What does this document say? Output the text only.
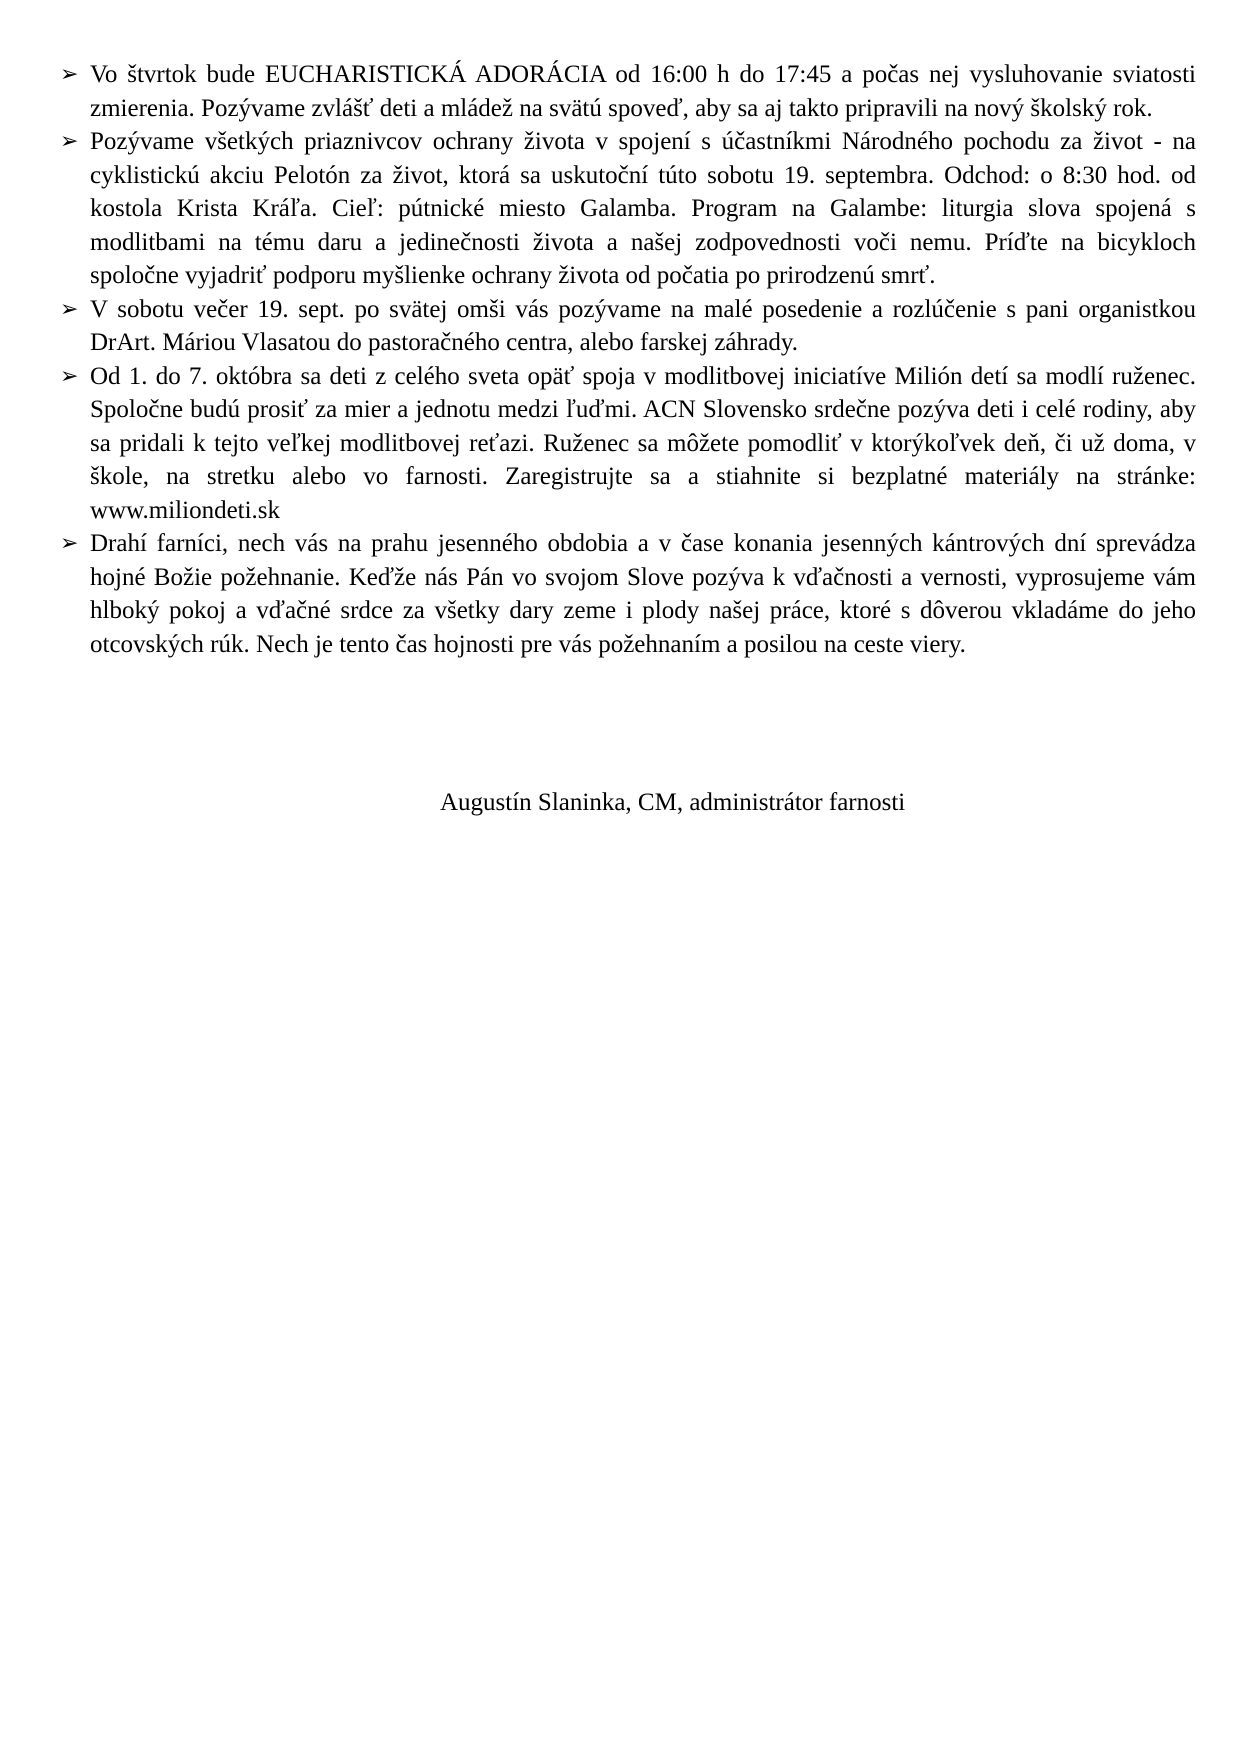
➢ Vo štvrtok bude EUCHARISTICKÁ ADORÁCIA od 16:00 h do 17:45 a počas nej vysluhovanie sviatosti zmierenia. Pozývame zvlášť deti a mládež na svätú spoveď, aby sa aj takto pripravili na nový školský rok.
➢ Pozývame všetkých priaznivcov ochrany života v spojení s účastníkmi Národného pochodu za život - na cyklistickú akciu Pelotón za život, ktorá sa uskutoční túto sobotu 19. septembra. Odchod: o 8:30 hod. od kostola Krista Kráľa. Cieľ: pútnické miesto Galamba. Program na Galambe: liturgia slova spojená s modlitbami na tému daru a jedinečnosti života a našej zodpovednosti voči nemu. Príďte na bicykloch spoločne vyjadriť podporu myšlienke ochrany života od počatia po prirodzenú smrť.
➢ V sobotu večer 19. sept. po svätej omši vás pozývame na malé posedenie a rozlúčenie s pani organistkou DrArt. Máriou Vlasatou do pastoračného centra, alebo farskej záhrady.
➢ Od 1. do 7. októbra sa deti z celého sveta opäť spoja v modlitbovej iniciatíve Milión detí sa modlí ruženec. Spoločne budú prosiť za mier a jednotu medzi ľuďmi. ACN Slovensko srdečne pozýva deti i celé rodiny, aby sa pridali k tejto veľkej modlitbovej reťazi. Ruženec sa môžete pomodliť v ktorýkoľvek deň, či už doma, v škole, na stretku alebo vo farnosti. Zaregistrujte sa a stiahnite si bezplatné materiály na stránke: www.miliondeti.sk
➢ Drahí farníci, nech vás na prahu jesenného obdobia a v čase konania jesenných kántrových dní sprevádza hojné Božie požehnanie. Keďže nás Pán vo svojom Slove pozýva k vďačnosti a vernosti, vyprosujeme vám hlboký pokoj a vďačné srdce za všetky dary zeme i plody našej práce, ktoré s dôverou vkladáme do jeho otcovských rúk. Nech je tento čas hojnosti pre vás požehnaním a posilou na ceste viery.
Augustín Slaninka, CM, administrátor farnosti
